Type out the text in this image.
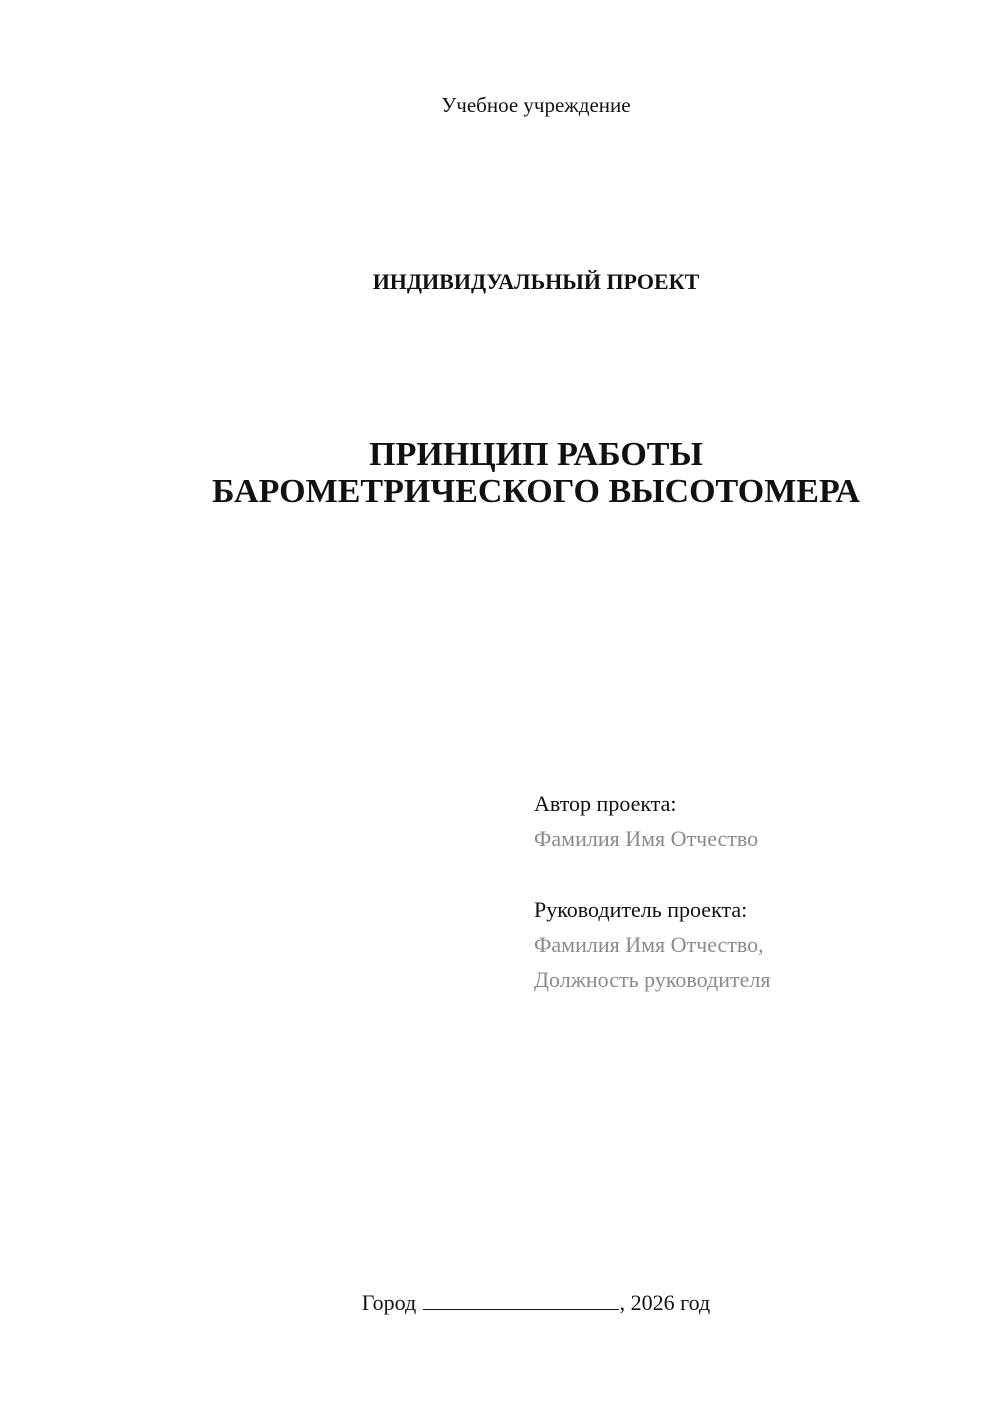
Учебное учреждение
ИНДИВИДУАЛЬНЫЙ ПРОЕКТ
ПРИНЦИП РАБОТЫ
БАРОМЕТРИЧЕСКОГО ВЫСОТОМЕРА
Автор проекта:
Фамилия Имя Отчество
Руководитель проекта:
Фамилия Имя Отчество,
Должность руководителя
Город	, 2026 год
